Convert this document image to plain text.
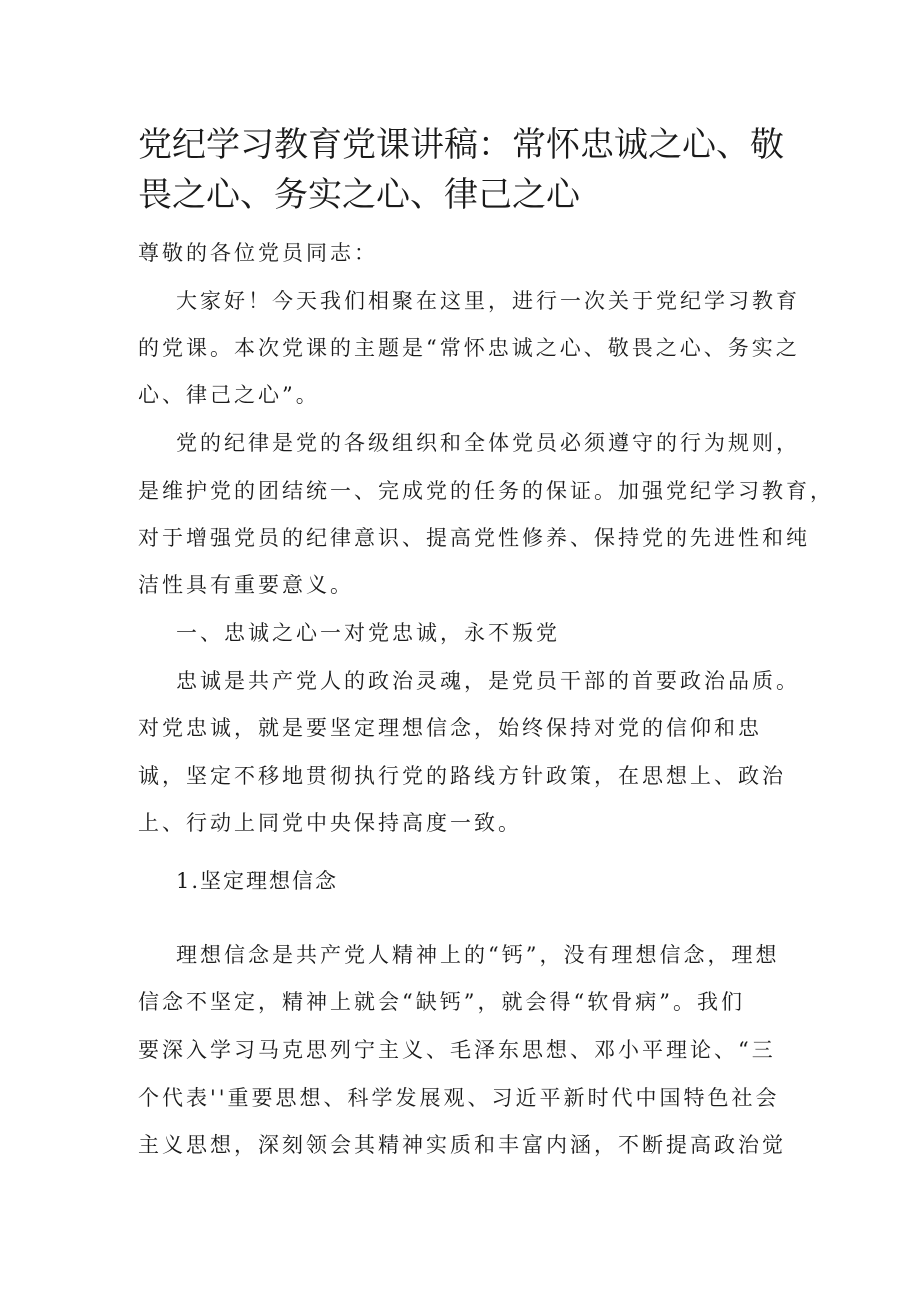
党纪学习教育党课讲稿：常怀忠诚之心、敬
畏之心、务实之心、律己之心

尊敬的各位党员同志：

大家好！今天我们相聚在这里，进行一次关于党纪学习教育

的党课。本次党课的主题是“常怀忠诚之心、敬畏之心、务实之

心、律己之心”。

党的纪律是党的各级组织和全体党员必须遵守的行为规则，

是维护党的团结统一、完成党的任务的保证。加强党纪学习教育，

对于增强党员的纪律意识、提高党性修养、保持党的先进性和纯

洁性具有重要意义。

一、忠诚之心一对党忠诚，永不叛党

忠诚是共产党人的政治灵魂，是党员干部的首要政治品质。

对党忠诚，就是要坚定理想信念，始终保持对党的信仰和忠

诚，坚定不移地贯彻执行党的路线方针政策，在思想上、政治

上、行动上同党中央保持高度一致。

1.坚定理想信念

理想信念是共产党人精神上的“钙”，没有理想信念，理想

信念不坚定，精神上就会“缺钙”，就会得“软骨病”。我们

要深入学习马克思列宁主义、毛泽东思想、邓小平理论、“三

个代表''重要思想、科学发展观、习近平新时代中国特色社会

主义思想，深刻领会其精神实质和丰富内涵，不断提高政治觉
